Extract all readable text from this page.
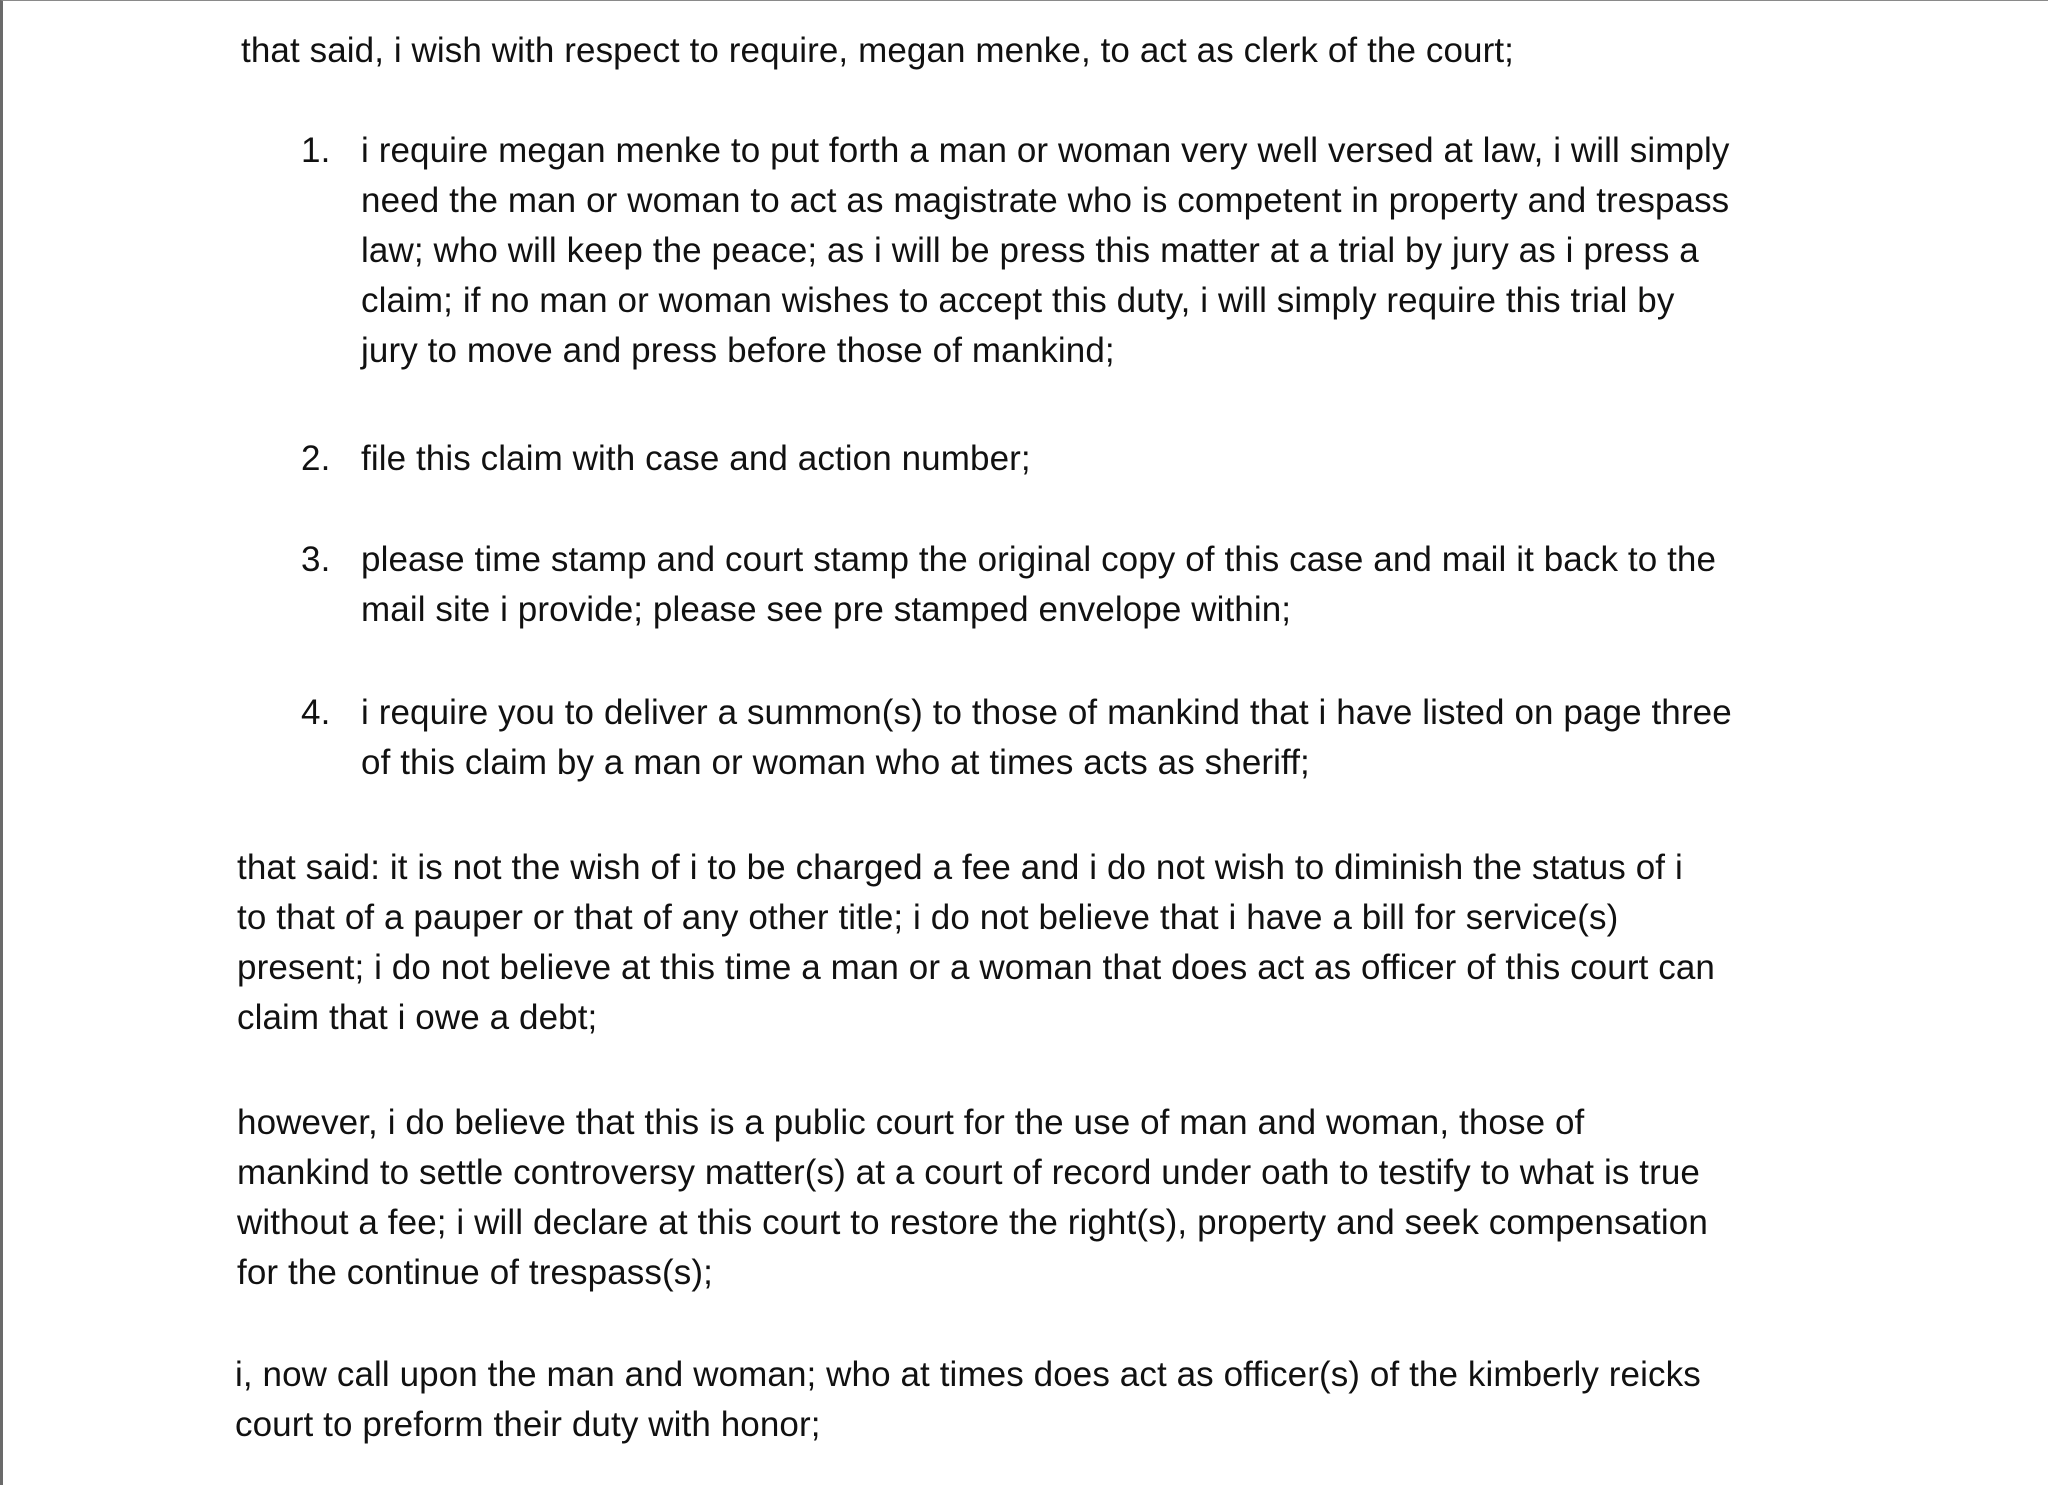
that said, i wish with respect to require, megan menke, to act as clerk of the court;

1. i require megan menke to put forth a man or woman very well versed at law, i will simply
need the man or woman to act as magistrate who is competent in property and trespass
law; who will keep the peace; as i will be press this matter at a trial by jury as i press a
claim; if no man or woman wishes to accept this duty, i will simply require this trial by
jury to move and press before those of mankind;
2. file this claim with case and action number;
3. please time stamp and court stamp the original copy of this case and mail it back to the
mail site i provide; please see pre stamped envelope within;
4. i require you to deliver a summon(s) to those of mankind that i have listed on page three
of this claim by a man or woman who at times acts as sheriff;

that said: it is not the wish of i to be charged a fee and i do not wish to diminish the status of i
to that of a pauper or that of any other title; i do not believe that i have a bill for service(s)
present; i do not believe at this time a man or a woman that does act as officer of this court can
claim that i owe a debt;

however, i do believe that this is a public court for the use of man and woman, those of
mankind to settle controversy matter(s) at a court of record under oath to testify to what is true
without a fee; i will declare at this court to restore the right(s), property and seek compensation
for the continue of trespass(s);

i, now call upon the man and woman; who at times does act as officer(s) of the kimberly reicks
court to preform their duty with honor;
